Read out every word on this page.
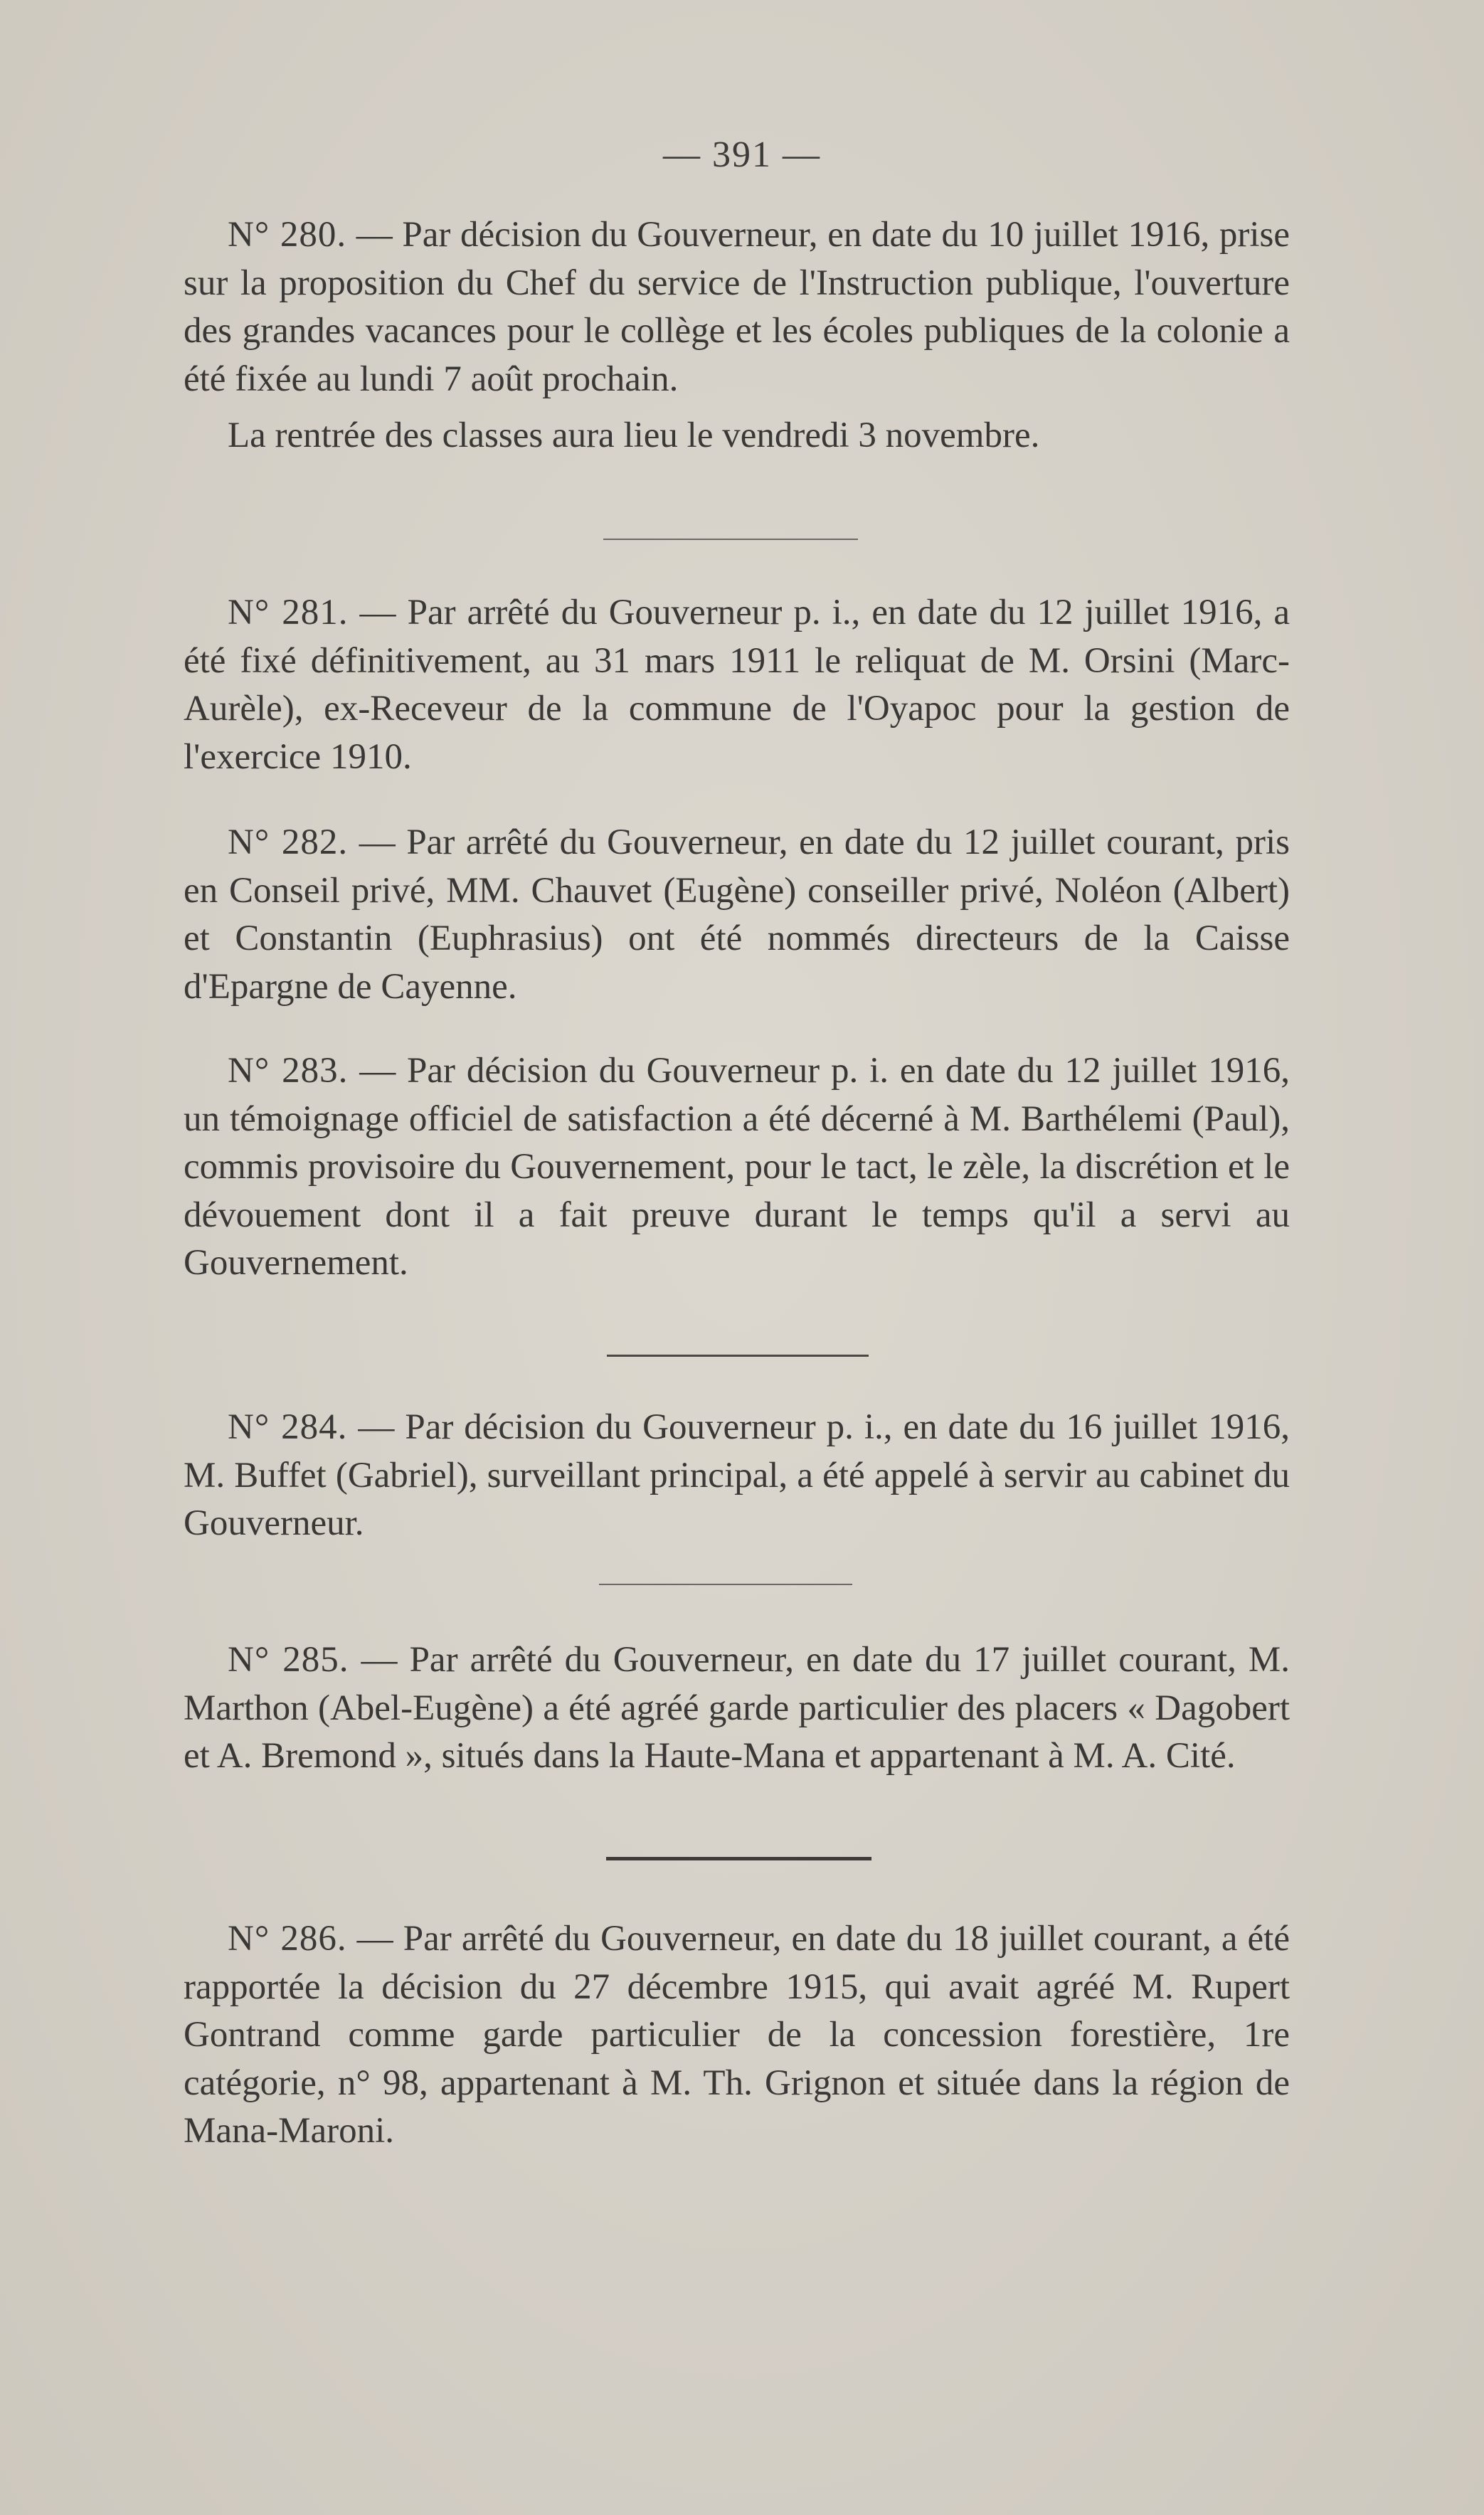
— 391 —

N° 280. — Par décision du Gouverneur, en date du 10 juillet 1916, prise sur la proposition du Chef du service de l'Instruction publique, l'ouverture des grandes vacances pour le collège et les écoles publiques de la colonie a été fixée au lundi 7 août prochain.

La rentrée des classes aura lieu le vendredi 3 novembre.

N° 281. — Par arrêté du Gouverneur p. i., en date du 12 juillet 1916, a été fixé définitivement, au 31 mars 1911 le reliquat de M. Orsini (Marc-Aurèle), ex-Receveur de la commune de l'Oyapoc pour la gestion de l'exercice 1910.

N° 282. — Par arrêté du Gouverneur, en date du 12 juillet courant, pris en Conseil privé, MM. Chauvet (Eugène) conseiller privé, Noléon (Albert) et Constantin (Euphrasius) ont été nommés directeurs de la Caisse d'Epargne de Cayenne.

N° 283. — Par décision du Gouverneur p. i. en date du 12 juillet 1916, un témoignage officiel de satisfaction a été décerné à M. Barthélemi (Paul), commis provisoire du Gouvernement, pour le tact, le zèle, la discrétion et le dévouement dont il a fait preuve durant le temps qu'il a servi au Gouvernement.

N° 284. — Par décision du Gouverneur p. i., en date du 16 juillet 1916, M. Buffet (Gabriel), surveillant principal, a été appelé à servir au cabinet du Gouverneur.

N° 285. — Par arrêté du Gouverneur, en date du 17 juillet courant, M. Marthon (Abel-Eugène) a été agréé garde particulier des placers « Dagobert et A. Bremond », situés dans la Haute-Mana et appartenant à M. A. Cité.

N° 286. — Par arrêté du Gouverneur, en date du 18 juillet courant, a été rapportée la décision du 27 décembre 1915, qui avait agréé M. Rupert Gontrand comme garde particulier de la concession forestière, 1re catégorie, n° 98, appartenant à M. Th. Grignon et située dans la région de Mana-Maroni.
